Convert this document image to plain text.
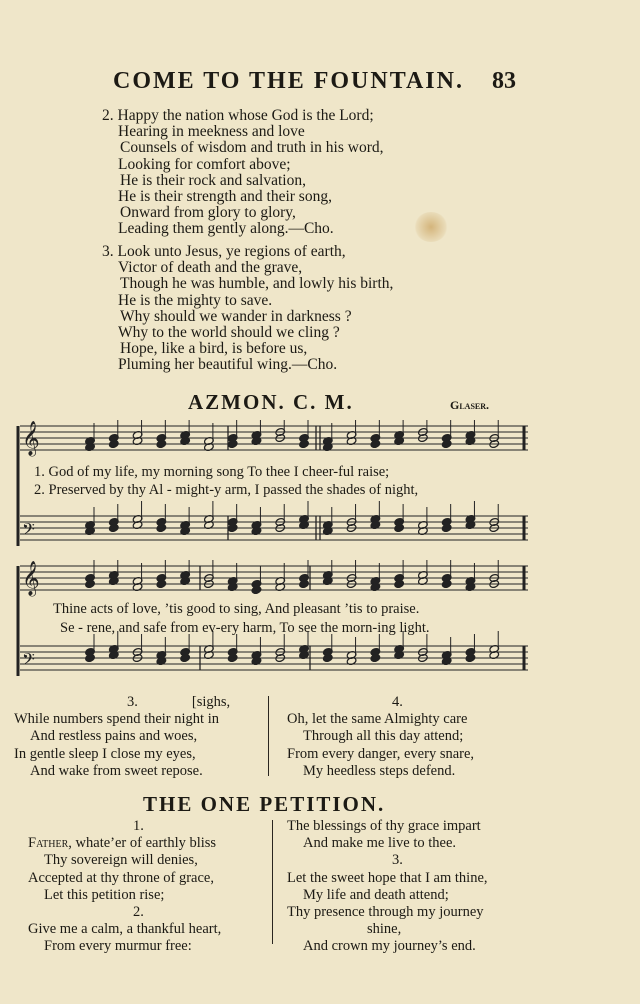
COME TO THE FOUNTAIN. 83
2. Happy the nation whose God is the Lord;
Hearing in meekness and love
Counsels of wisdom and truth in his word,
Looking for comfort above;
He is their rock and salvation,
He is their strength and their song,
Onward from glory to glory,
Leading them gently along.—Cho.
3. Look unto Jesus, ye regions of earth,
Victor of death and the grave,
Though he was humble, and lowly his birth,
He is the mighty to save.
Why should we wander in darkness ?
Why to the world should we cling ?
Hope, like a bird, is before us,
Pluming her beautiful wing.—Cho.
AZMON. C. M.	Glaser.
𝄞
𝄢
1. God of my life, my morning song To thee I cheer-ful raise;
2. Preserved by thy Al - might-y arm, I passed the shades of night,
𝄞
𝄢
Thine acts of love, ’tis good to sing, And pleasant ’tis to praise.
Se - rene, and safe from ev-ery harm, To see the morn-ing light.
3.	[sighs,
While numbers spend their night in
And restless pains and woes,
In gentle sleep I close my eyes,
And wake from sweet repose.
4.
Oh, let the same Almighty care
Through all this day attend;
From every danger, every snare,
My heedless steps defend.
THE ONE PETITION.
1.
Father, whate’er of earthly bliss
Thy sovereign will denies,
Accepted at thy throne of grace,
Let this petition rise;
2.
Give me a calm, a thankful heart,
From every murmur free:
The blessings of thy grace impart
And make me live to thee.
3.
Let the sweet hope that I am thine,
My life and death attend;
Thy presence through my journey
shine,
And crown my journey’s end.
